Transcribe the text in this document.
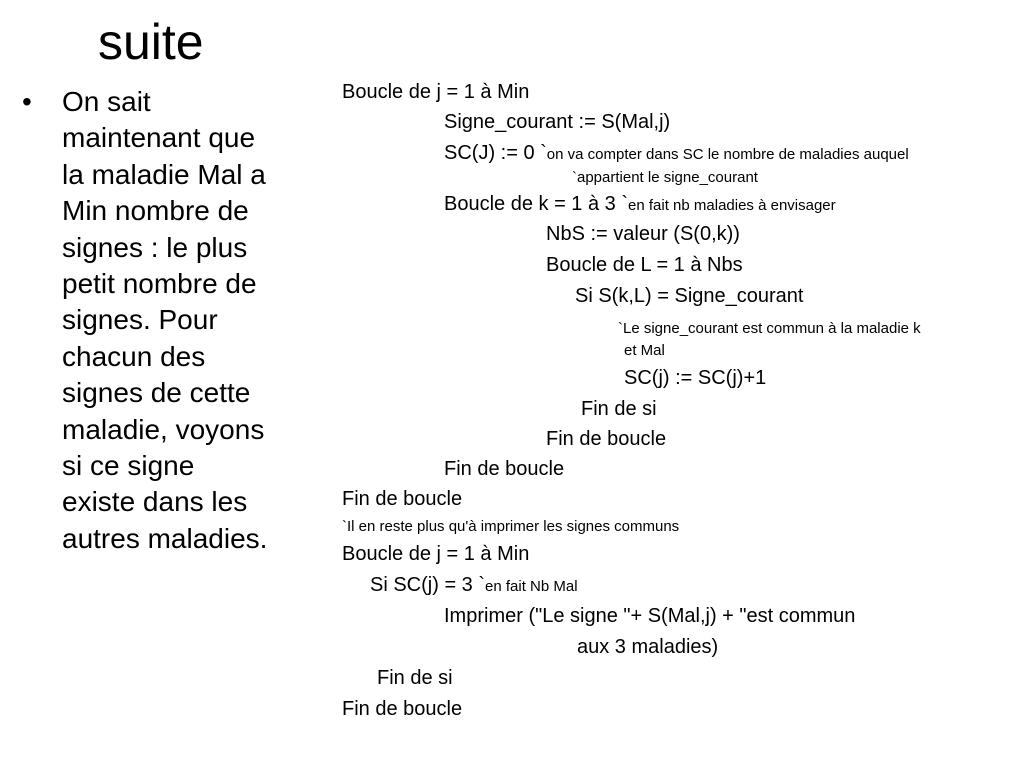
suite
• On sait
maintenant que
la maladie Mal a
Min nombre de
signes : le plus
petit nombre de
signes. Pour
chacun des
signes de cette
maladie, voyons
si ce signe
existe dans les
autres maladies.
Boucle de j = 1 à Min
Signe_courant := S(Mal,j)
SC(J) := 0 `on va compter dans SC le nombre de maladies auquel
`appartient le signe_courant
Boucle de k = 1 à 3 `en fait nb maladies à envisager
NbS := valeur (S(0,k))
Boucle de L = 1 à Nbs
Si S(k,L) = Signe_courant
`Le signe_courant est commun à la maladie k
et Mal
SC(j) := SC(j)+1
Fin de si
Fin de boucle
Fin de boucle
Fin de boucle
`Il en reste plus qu'à imprimer les signes communs
Boucle de j = 1 à Min
Si SC(j) = 3 `en fait Nb Mal
Imprimer ("Le signe "+ S(Mal,j) + "est commun
aux 3 maladies)
Fin de si
Fin de boucle
